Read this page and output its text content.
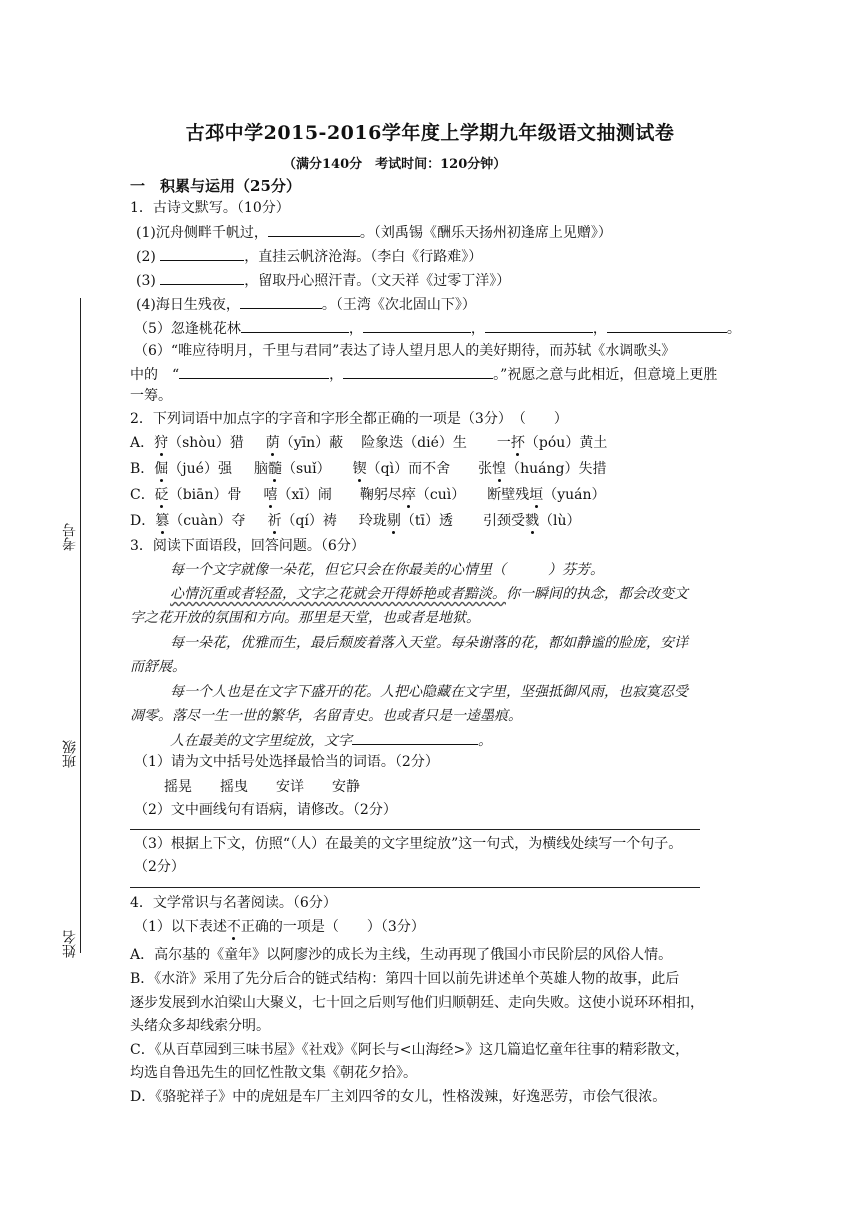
考号
班级
姓名
古邳中学2015-2016学年度上学期九年级语文抽测试卷
（满分140分　考试时间：120分钟）
一　积累与运用（25分）
1．古诗文默写。（10分）
(1)沉舟侧畔千帆过，	。（刘禹锡《酬乐天扬州初逢席上见赠》）
(2)	，直挂云帆济沧海。（李白《行路难》）
(3)	，留取丹心照汗青。（文天祥《过零丁洋》）
(4)海日生残夜，	。（王湾《次北固山下》）
（5）忽逢桃花林	，	，	，	。
（6）“唯应待明月，千里与君同”表达了诗人望月思人的美好期待，而苏轼《水调歌头》
中的　“	，	。”祝愿之意与此相近，但意境上更胜
一筹。
2．下列词语中加点字的字音和字形全都正确的一项是（3分）　（　　）
A．狩（shòu）猎 荫（yīn）蔽 险象迭（dié）生 一抔（póu）黄土
B．倔（jué）强 脑髓（suǐ） 锲（qì）而不舍 张惶（huáng）失措
C．砭（biān）骨 嘻（xī）闹 鞠躬尽瘁（cuì） 断壁残垣（yuán）
D．篡（cuàn）夺 祈（qí）祷 玲珑剔（tī）透 引颈受戮（lù）
3．阅读下面语段，回答问题。（6分）
每一个文字就像一朵花，但它只会在你最美的心情里（　　　）芬芳。
心情沉重或者轻盈，文字之花就会开得娇艳或者黯淡。你一瞬间的执念，都会改变文
字之花开放的氛围和方向。那里是天堂，也或者是地狱。
每一朵花，优雅而生，最后颓废着落入天堂。每朵谢落的花，都如静谧的脸庞，安详
而舒展。
每一个人也是在文字下盛开的花。人把心隐藏在文字里，坚强抵御风雨，也寂寞忍受
凋零。落尽一生一世的繁华，名留青史。也或者只是一逵墨痕。
人在最美的文字里绽放，文字	。
（1）请为文中括号处选择最恰当的词语。（2分）
摇晃　　摇曳　　安详　　安静
（2）文中画线句有语病，请修改。（2分）
（3）根据上下文，仿照“（人）在最美的文字里绽放”这一句式，为横线处续写一个句子。
（2分）
4．文学常识与名著阅读。（6分）
（1）以下表述不正确的一项是（　　）（3分）
A．高尔基的《童年》以阿廖沙的成长为主线，生动再现了俄国小市民阶层的风俗人情。
B．《水浒》采用了先分后合的链式结构：第四十回以前先讲述单个英雄人物的故事，此后
逐步发展到水泊梁山大聚义，七十回之后则写他们归顺朝廷、走向失败。这使小说环环相扣，
头绪众多却线索分明。
C．《从百草园到三味书屋》《社戏》《阿长与<山海经>》这几篇追忆童年往事的精彩散文，
均选自鲁迅先生的回忆性散文集《朝花夕拾》。
D．《骆驼祥子》中的虎妞是车厂主刘四爷的女儿，性格泼辣，好逸恶劳，市侩气很浓。
